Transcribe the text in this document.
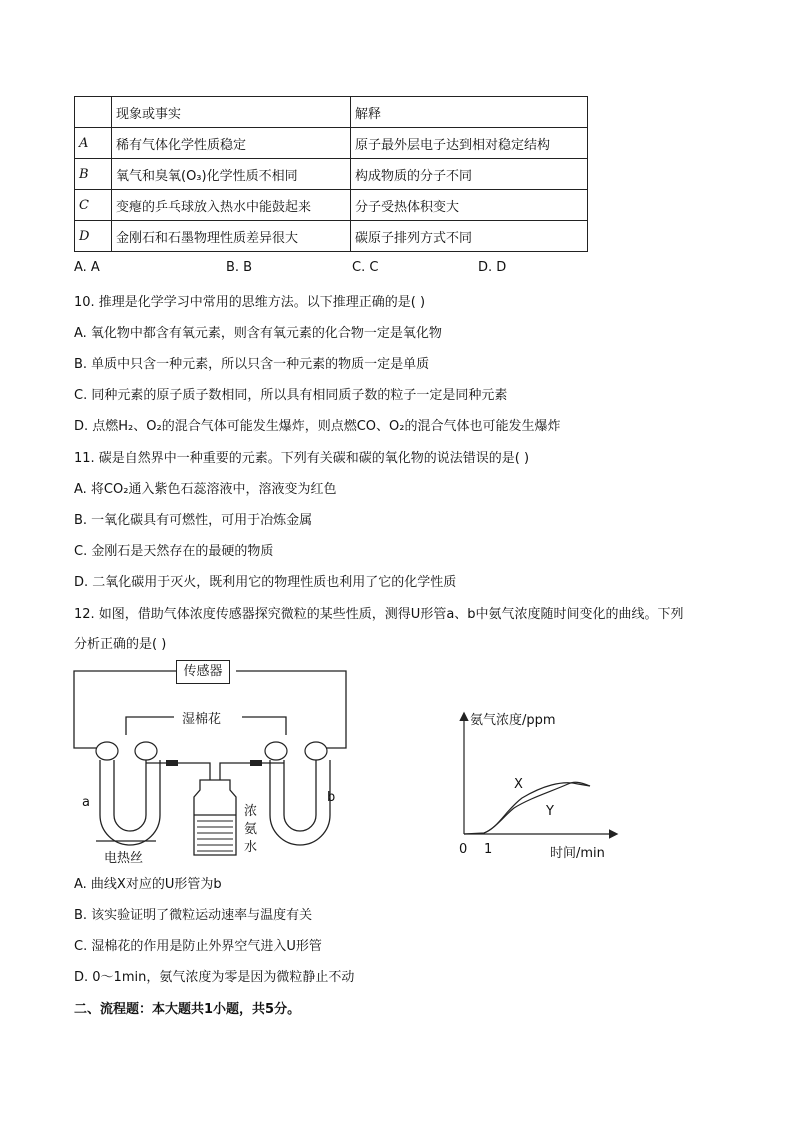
	现象或事实	解释
A	稀有气体化学性质稳定	原子最外层电子达到相对稳定结构
B	氧气和臭氧(O₃)化学性质不相同	构成物质的分子不同
C	变瘪的乒乓球放入热水中能鼓起来	分子受热体积变大
D	金刚石和石墨物理性质差异很大	碳原子排列方式不同
A. A	B. B	C. C	D. D
10. 推理是化学学习中常用的思维方法。以下推理正确的是( )
A. 氧化物中都含有氧元素，则含有氧元素的化合物一定是氧化物
B. 单质中只含一种元素，所以只含一种元素的物质一定是单质
C. 同种元素的原子质子数相同，所以具有相同质子数的粒子一定是同种元素
D. 点燃H₂、O₂的混合气体可能发生爆炸，则点燃CO、O₂的混合气体也可能发生爆炸
11. 碳是自然界中一种重要的元素。下列有关碳和碳的氧化物的说法错误的是( )
A. 将CO₂通入紫色石蕊溶液中，溶液变为红色
B. 一氧化碳具有可燃性，可用于冶炼金属
C. 金刚石是天然存在的最硬的物质
D. 二氧化碳用于灭火，既利用它的物理性质也利用了它的化学性质
12. 如图，借助气体浓度传感器探究微粒的某些性质，测得U形管a、b中氨气浓度随时间变化的曲线。下列
分析正确的是( )
传感器
湿棉花
a	b
电热丝
浓
氨
水
氨气浓度/ppm
X
Y
0 1	时间/min
A. 曲线X对应的U形管为b
B. 该实验证明了微粒运动速率与温度有关
C. 湿棉花的作用是防止外界空气进入U形管
D. 0～1min，氨气浓度为零是因为微粒静止不动
二、流程题：本大题共1小题，共5分。
